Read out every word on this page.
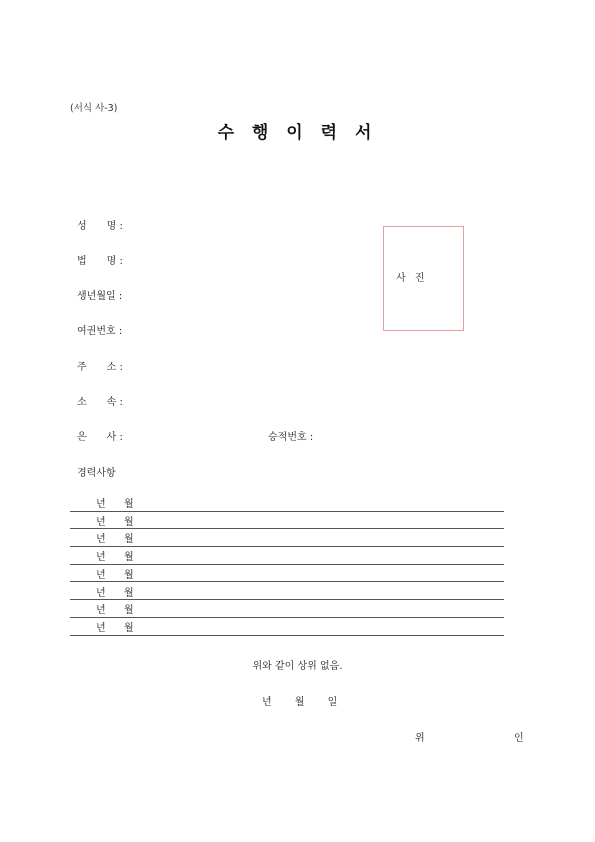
(서식 사-3)
수 행 이 력 서
성　　명 :
법　　명 :
생년월일 :
여권번호 :
주　　소 :
소　　속 :
은　　사 :	승적번호 :
사 진
경력사항
년 월
년 월
년 월
년 월
년 월
년 월
년 월
년 월
위와 같이 상위 없음.
년 월 일
위	인
